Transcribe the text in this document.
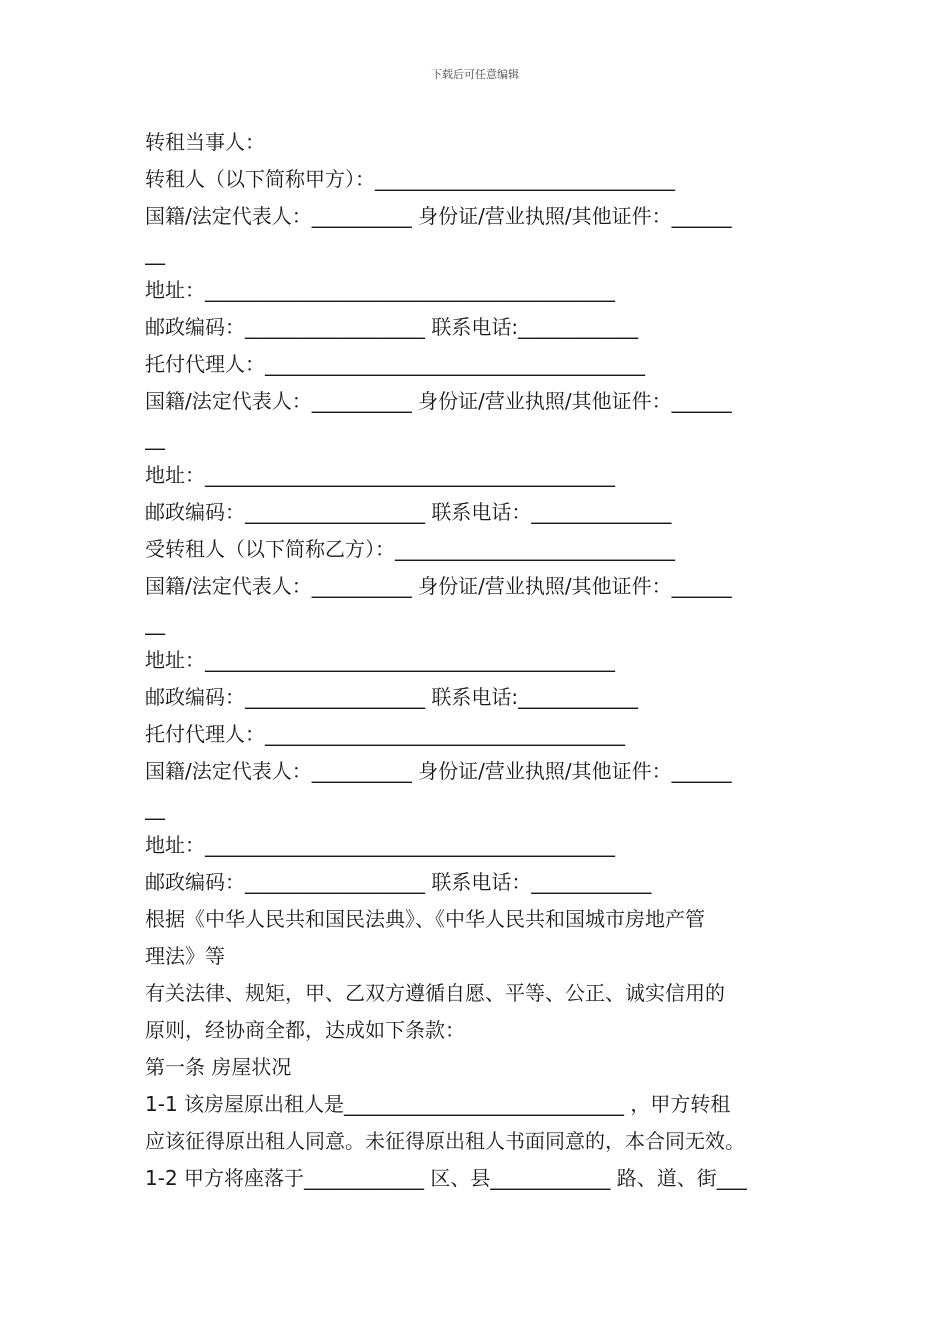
下载后可任意编辑
转租当事人：
转租人（以下简称甲方）：______________________________
国籍/法定代表人：__________ 身份证/营业执照/其他证件：______
__
地址：_________________________________________
邮政编码：__________________ 联系电话:____________
托付代理人：______________________________________
国籍/法定代表人：__________ 身份证/营业执照/其他证件：______
__
地址：_________________________________________
邮政编码：__________________ 联系电话：______________
受转租人（以下简称乙方）：____________________________
国籍/法定代表人：__________ 身份证/营业执照/其他证件：______
__
地址：_________________________________________
邮政编码：__________________ 联系电话:____________
托付代理人：____________________________________
国籍/法定代表人：__________ 身份证/营业执照/其他证件：______
__
地址：_________________________________________
邮政编码：__________________ 联系电话：____________
根据《中华人民共和国民法典》、《中华人民共和国城市房地产管
理法》等
有关法律、规矩，甲、乙双方遵循自愿、平等、公正、诚实信用的
原则，经协商全都，达成如下条款：
第一条 房屋状况
1-1 该房屋原出租人是____________________________ ，甲方转租
应该征得原出租人同意。未征得原出租人书面同意的，本合同无效。
1-2 甲方将座落于____________ 区、县____________ 路、道、街___
